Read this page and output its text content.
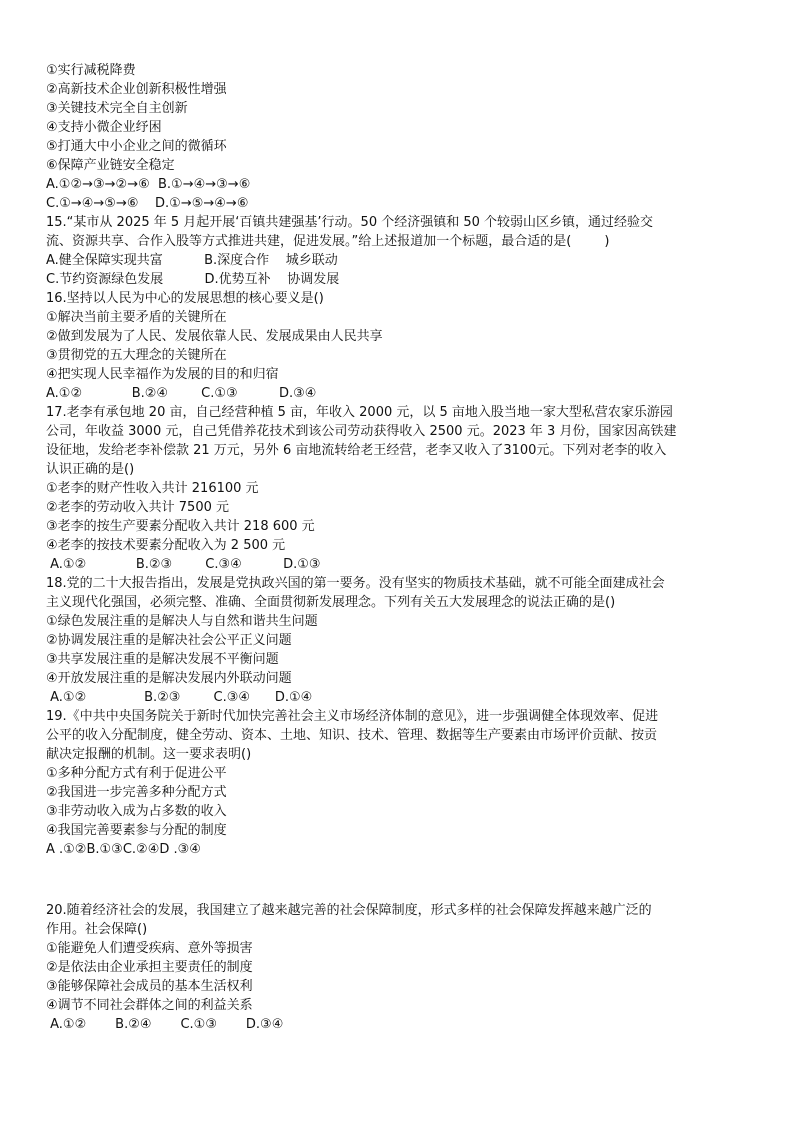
①实行减税降费
②高新技术企业创新积极性增强
③关键技术完全自主创新
④支持小微企业纾困
⑤打通大中小企业之间的微循环
⑥保障产业链安全稳定
A.①②→③→②→⑥  B.①→④→③→⑥
C.①→④→⑤→⑥    D.①→⑤→④→⑥
15.“某市从 2025 年 5 月起开展‘百镇共建强基’行动。50 个经济强镇和 50 个较弱山区乡镇，通过经验交
流、资源共享、合作入股等方式推进共建，促进发展。”给上述报道加一个标题，最合适的是(        )
A.健全保障实现共富          B.深度合作    城乡联动
C.节约资源绿色发展          D.优势互补    协调发展
16.坚持以人民为中心的发展思想的核心要义是()
①解决当前主要矛盾的关键所在
②做到发展为了人民、发展依靠人民、发展成果由人民共享
③贯彻党的五大理念的关键所在
④把实现人民幸福作为发展的目的和归宿
A.①②            B.②④        C.①③          D.③④
17.老李有承包地 20 亩，自己经营种植 5 亩，年收入 2000 元，以 5 亩地入股当地一家大型私营农家乐游园
公司，年收益 3000 元，自己凭借养花技术到该公司劳动获得收入 2500 元。2023 年 3 月份，国家因高铁建
设征地，发给老李补偿款 21 万元，另外 6 亩地流转给老王经营，老李又收入了3100元。下列对老李的收入
认识正确的是()
①老李的财产性收入共计 216100 元
②老李的劳动收入共计 7500 元
③老李的按生产要素分配收入共计 218 600 元
④老李的按技术要素分配收入为 2 500 元
A.①②            B.②③        C.③④          D.①③
18.党的二十大报告指出，发展是党执政兴国的第一要务。没有坚实的物质技术基础，就不可能全面建成社会
主义现代化强国，必须完整、准确、全面贯彻新发展理念。下列有关五大发展理念的说法正确的是()
①绿色发展注重的是解决人与自然和谐共生问题
②协调发展注重的是解决社会公平正义问题
③共享发展注重的是解决发展不平衡问题
④开放发展注重的是解决发展内外联动问题
A.①②              B.②③        C.③④      D.①④
19.《中共中央国务院关于新时代加快完善社会主义市场经济体制的意见》，进一步强调健全体现效率、促进
公平的收入分配制度，健全劳动、资本、土地、知识、技术、管理、数据等生产要素由市场评价贡献、按贡
献决定报酬的机制。这一要求表明()
①多种分配方式有利于促进公平
②我国进一步完善多种分配方式
③非劳动收入成为占多数的收入
④我国完善要素参与分配的制度
A .①②B.①③C.②④D .③④
20.随着经济社会的发展，我国建立了越来越完善的社会保障制度，形式多样的社会保障发挥越来越广泛的
作用。社会保障()
①能避免人们遭受疾病、意外等损害
②是依法由企业承担主要责任的制度
③能够保障社会成员的基本生活权利
④调节不同社会群体之间的利益关系
A.①②       B.②④       C.①③       D.③④
